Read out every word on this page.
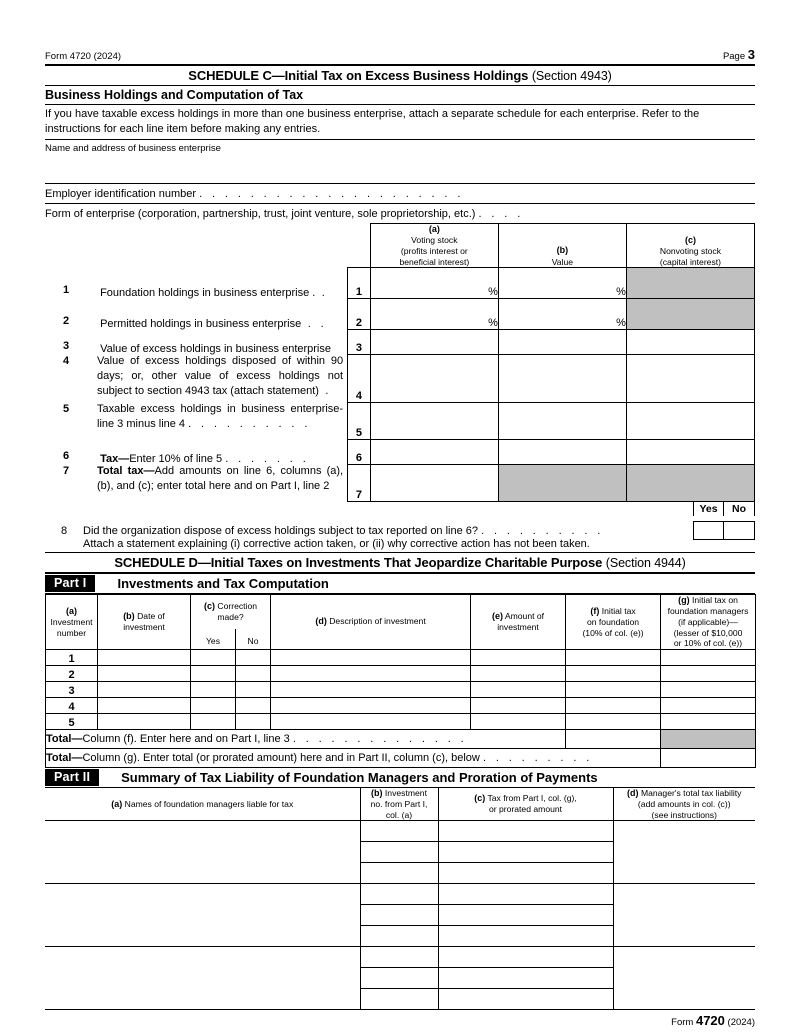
Form 4720 (2024)	Page 3
SCHEDULE C—Initial Tax on Excess Business Holdings (Section 4943)
Business Holdings and Computation of Tax
If you have taxable excess holdings in more than one business enterprise, attach a separate schedule for each enterprise. Refer to the instructions for each line item before making any entries.
Name and address of business enterprise
Employer identification number . . . . . . . . . . . . . . . . . . . . .
Form of enterprise (corporation, partnership, trust, joint venture, sole proprietorship, etc.) . . . .
		(a)
Voting stock
(profits interest or
beneficial interest)	(b)
Value	(c)
Nonvoting stock
(capital interest)
1 Foundation holdings in business enterprise . .	1	%	%	
2 Permitted holdings in business enterprise . .	2	%	%	
3 Value of excess holdings in business enterprise	3			

4 Value of excess holdings disposed of within 90
days; or, other value of excess holdings not
subject to section 4943 tax (attach statement) .	4			

5 Taxable excess holdings in business enterprise-
line 3 minus line 4 . . . . . . . . . .	5			
6 Tax—Enter 10% of line 5 . . . . . . .	6			

7 Total tax—Add amounts on line 6, columns (a),
(b), and (c); enter total here and on Part I, line 2	7			
Yes	No
8	Did the organization dispose of excess holdings subject to tax reported on line 6? . . . . . . . . . .
Attach a statement explaining (i) corrective action taken, or (ii) why corrective action has not been taken.
SCHEDULE D—Initial Taxes on Investments That Jeopardize Charitable Purpose (Section 4944)
Part I	Investments and Tax Computation
(a)
Investment
number	(b) Date of
investment	(c) Correction
made?		(d) Description of investment	(e) Amount of
investment	(f) Initial tax
on foundation
(10% of col. (e))	(g) Initial tax on
foundation managers
(if applicable)—
(lesser of $10,000
or 10% of col. (e))
		Yes	No				
1							
2							
3							
4							
5							
Total—Column (f). Enter here and on Part I, line 3 . . . . . . . . . . . . . .							
Total—Column (g). Enter total (or prorated amount) here and in Part II, column (c), below . . . . . . . . .							
Part II	Summary of Tax Liability of Foundation Managers and Proration of Payments
(a) Names of foundation managers liable for tax	(b) Investment
no. from Part I,
col. (a)	(c) Tax from Part I, col. (g),
or prorated amount	(d) Manager's total tax liability
(add amounts in col. (c))
(see instructions)

Form 4720 (2024)
